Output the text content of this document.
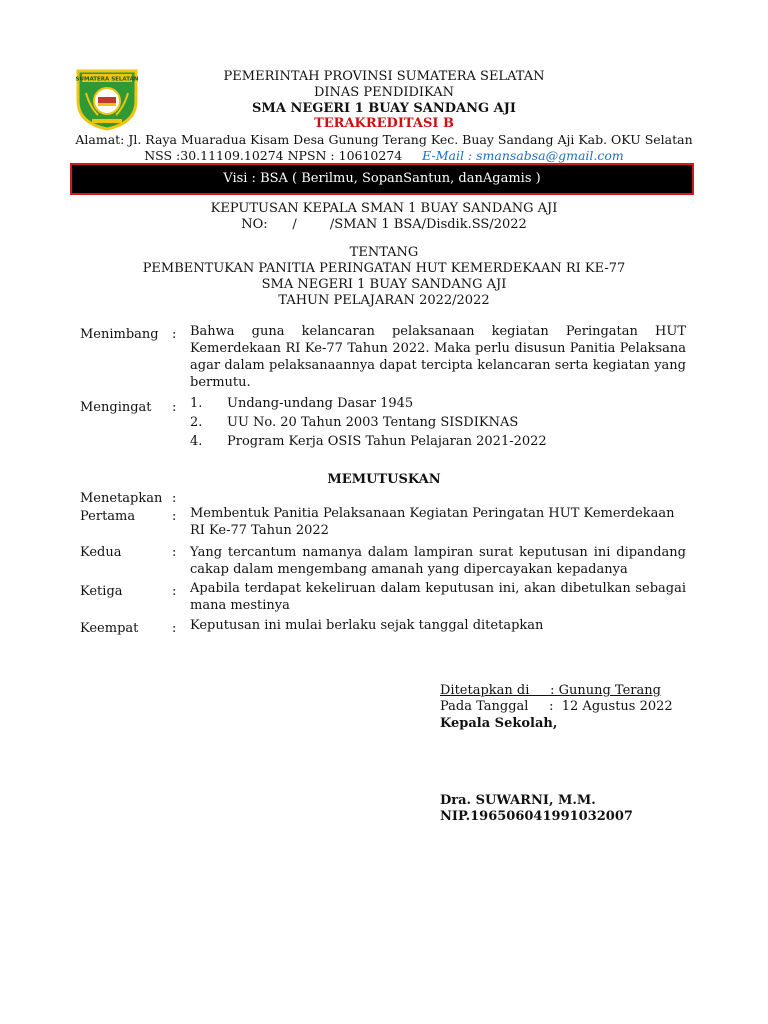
SUMATERA SELATAN	PEMERINTAH PROVINSI SUMATERA SELATAN
DINAS PENDIDIKAN
SMA NEGERI 1 BUAY SANDANG AJI
TERAKREDITASI B
Alamat: Jl. Raya Muaradua Kisam Desa Gunung Terang Kec. Buay Sandang Aji Kab. OKU Selatan
NSS :30.11109.10274 NPSN : 10610274 E-Mail : smansabsa@gmail.com
Visi : BSA ( Berilmu, SopanSantun, danAgamis )
KEPUTUSAN KEPALA SMAN 1 BUAY SANDANG AJI
NO:      /        /SMAN 1 BSA/Disdik.SS/2022
TENTANG
PEMBENTUKAN PANITIA PERINGATAN HUT KEMERDEKAAN RI KE-77
SMA NEGERI 1 BUAY SANDANG AJI
TAHUN PELAJARAN 2022/2022
Menimbang : Bahwa guna kelancaran pelaksanaan kegiatan Peringatan HUT Kemerdekaan RI Ke-77 Tahun 2022. Maka perlu disusun Panitia Pelaksana agar dalam pelaksanaannya dapat tercipta kelancaran serta kegiatan yang bermutu.
Mengingat : 1. Undang-undang Dasar 1945
2. UU No. 20 Tahun 2003 Tentang SISDIKNAS
4. Program Kerja OSIS Tahun Pelajaran 2021-2022
MEMUTUSKAN
Menetapkan :
Pertama	: Membentuk Panitia Pelaksanaan Kegiatan Peringatan HUT Kemerdekaan RI Ke-77 Tahun 2022
Kedua	: Yang tercantum namanya dalam lampiran surat keputusan ini dipandang cakap dalam mengembang amanah yang dipercayakan kepadanya
Ketiga	: Apabila terdapat kekeliruan dalam keputusan ini, akan dibetulkan sebagai mana mestinya
Keempat	: Keputusan ini mulai berlaku sejak tanggal ditetapkan
Ditetapkan di     : Gunung Terang
Pada Tanggal     :  12 Agustus 2022
Kepala Sekolah,
Dra. SUWARNI, M.M.
NIP.196506041991032007
